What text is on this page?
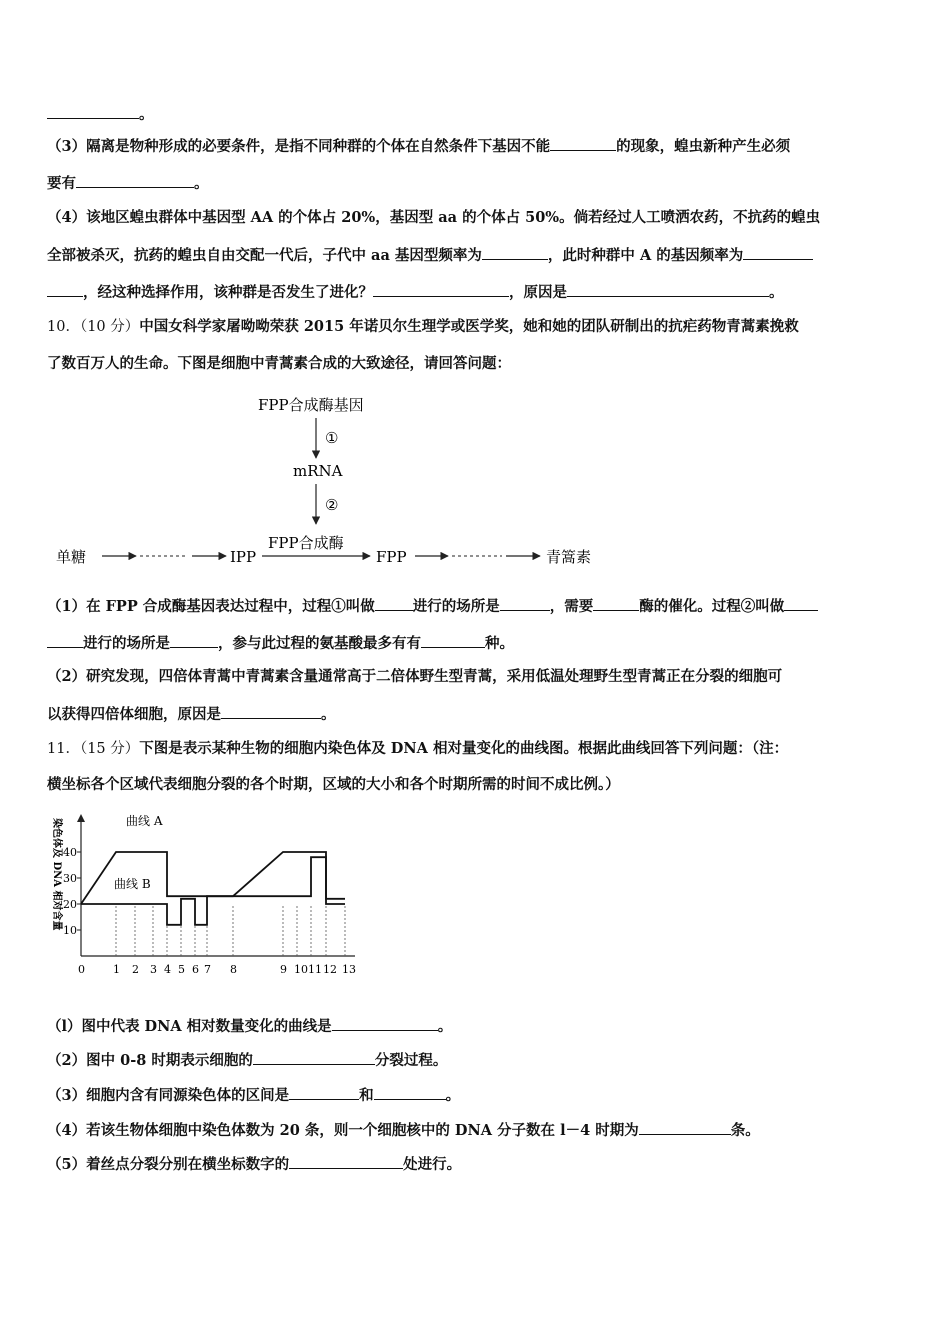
。
（3）隔离是物种形成的必要条件，是指不同种群的个体在自然条件下基因不能	的现象，蝗虫新种产生必须
要有	。
（4）该地区蝗虫群体中基因型 AA 的个体占 20%，基因型 aa 的个体占 50%。倘若经过人工喷洒农药，不抗药的蝗虫
全部被杀灭，抗药的蝗虫自由交配一代后，子代中 aa 基因型频率为	，此时种群中 A 的基因频率为
，经这种选择作用，该种群是否发生了进化？	，原因是	。
10．（10 分）中国女科学家屠呦呦荣获 2015 年诺贝尔生理学或医学奖，她和她的团队研制出的抗疟药物青蒿素挽救
了数百万人的生命。下图是细胞中青蒿素合成的大致途径，请回答问题：
FPP合成酶基因
①
mRNA
②
FPP合成酶
单糖	IPP	FPP	青篙素
（1）在 FPP 合成酶基因表达过程中，过程①叫做	进行的场所是	，需要	酶的催化。过程②叫做
进行的场所是	，参与此过程的氨基酸最多有有	种。
（2）研究发现，四倍体青蒿中青蒿素含量通常高于二倍体野生型青蒿，采用低温处理野生型青蒿正在分裂的细胞可
以获得四倍体细胞，原因是	。
11．（15 分）下图是表示某种生物的细胞内染色体及 DNA 相对量变化的曲线图。根据此曲线回答下列问题：（注：
横坐标各个区域代表细胞分裂的各个时期，区域的大小和各个时期所需的时间不成比例。）
染色体及 DNA 相对含量 10
20
30
40
0	1 2 3 4 5 6 7 8	9 10 11 12 13
曲线 A
曲线 B
（l）图中代表 DNA 相对数量变化的曲线是	。
（2）图中 0-8 时期表示细胞的	分裂过程。
（3）细胞内含有同源染色体的区间是	和	。
（4）若该生物体细胞中染色体数为 20 条，则一个细胞核中的 DNA 分子数在 l－4 时期为	条。
（5）着丝点分裂分别在横坐标数字的	处进行。
